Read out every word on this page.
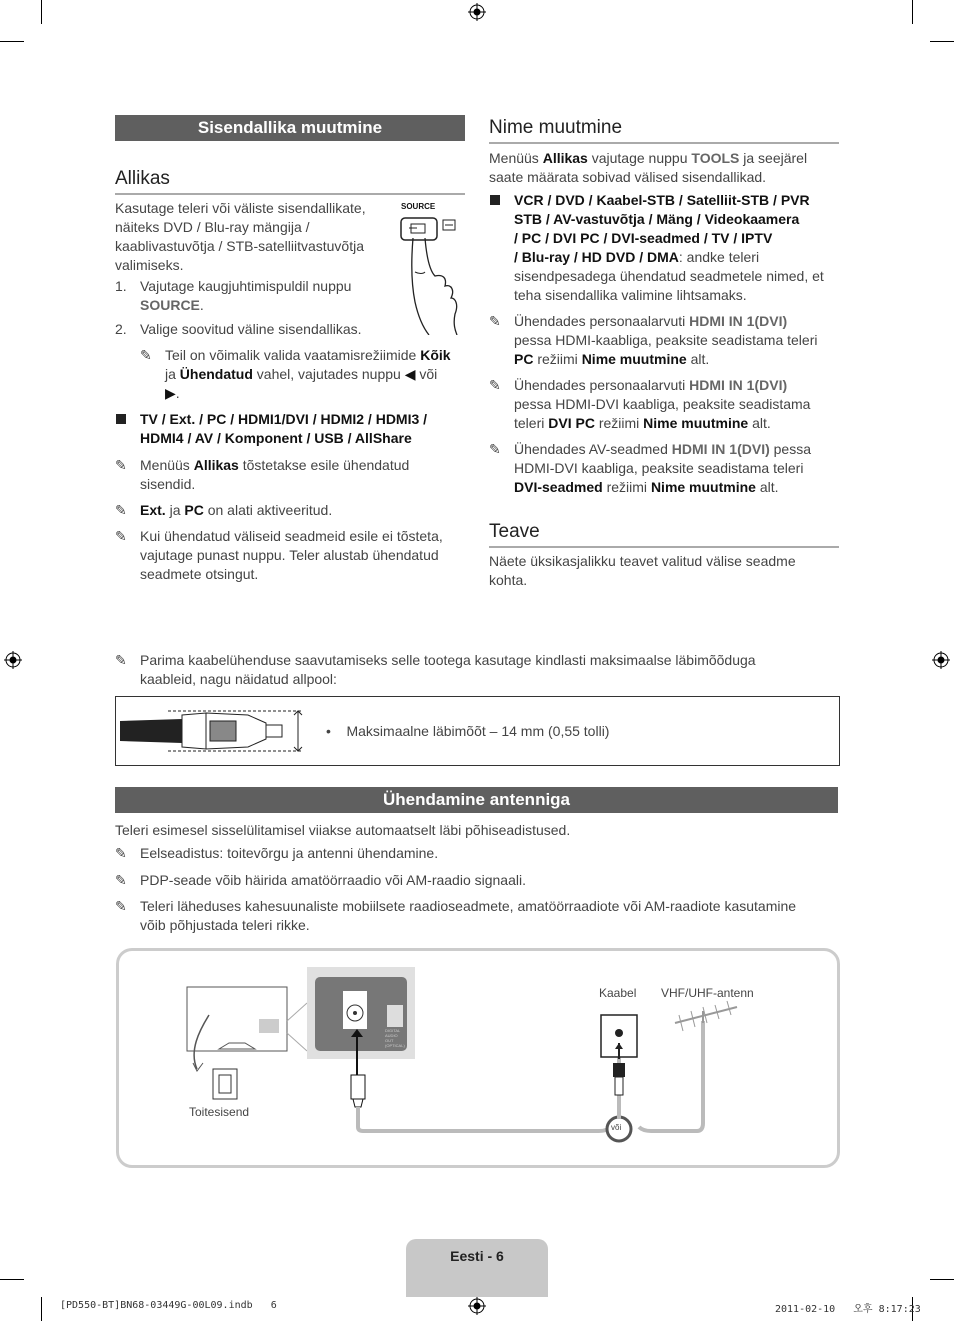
Sisendallika muutmine
Allikas
Kasutage teleri või väliste sisendallikate,
näiteks DVD / Blu-ray mängija /
kaablivastuvõtja / STB-satelliitvastuvõtja
valimiseks.
SOURCE
1. Vajutage kaugjuhtimispuldil nuppu
SOURCE.
2. Valige soovitud väline sisendallikas.
✎ Teil on võimalik valida vaatamisrežiimide Kõik
ja Ühendatud vahel, vajutades nuppu ◀ või
▶.
TV / Ext. / PC / HDMI1/DVI / HDMI2 / HDMI3 /
HDMI4 / AV / Komponent / USB / AllShare
✎ Menüüs Allikas tõstetakse esile ühendatud
sisendid.
✎ Ext. ja PC on alati aktiveeritud.
✎ Kui ühendatud väliseid seadmeid esile ei tõsteta,
vajutage punast nuppu. Teler alustab ühendatud
seadmete otsingut.
Nime muutmine
Menüüs Allikas vajutage nuppu TOOLS ja seejärel
saate määrata sobivad välised sisendallikad.
VCR / DVD / Kaabel-STB / Satelliit-STB / PVR
STB / AV-vastuvõtja / Mäng / Videokaamera
/ PC / DVI PC / DVI-seadmed / TV / IPTV
/ Blu-ray / HD DVD / DMA: andke teleri
sisendpesadega ühendatud seadmetele nimed, et
teha sisendallika valimine lihtsamaks.
✎ Ühendades personaalarvuti HDMI IN 1(DVI)
pessa HDMI-kaabliga, peaksite seadistama teleri
PC režiimi Nime muutmine alt.
✎ Ühendades personaalarvuti HDMI IN 1(DVI)
pessa HDMI-DVI kaabliga, peaksite seadistama
teleri DVI PC režiimi Nime muutmine alt.
✎ Ühendades AV-seadmed HDMI IN 1(DVI) pessa
HDMI-DVI kaabliga, peaksite seadistama teleri
DVI-seadmed režiimi Nime muutmine alt.
Teave
Näete üksikasjalikku teavet valitud välise seadme
kohta.
✎ Parima kaabelühenduse saavutamiseks selle tootega kasutage kindlasti maksimaalse läbimõõduga
kaableid, nagu näidatud allpool:
• Maksimaalne läbimõõt – 14 mm (0,55 tolli)
Ühendamine antenniga
Teleri esimesel sisselülitamisel viiakse automaatselt läbi põhiseadistused.
✎ Eelseadistus: toitevõrgu ja antenni ühendamine.
✎ PDP-seade võib häirida amatöörraadio või AM-raadio signaali.
✎ Teleri läheduses kahesuunaliste mobiilsete raadioseadmete, amatöörraadiote või AM-raadiote kasutamine
võib põhjustada teleri rikke.
ANT IN
DIGITAL AUDIO OUT (OPTICAL)
Toitesisend
Kaabel VHF/UHF-antenn
või
Eesti - 6
[PD550-BT]BN68-03449G-00L09.indb   6	2011-02-10   오후 8:17:23
